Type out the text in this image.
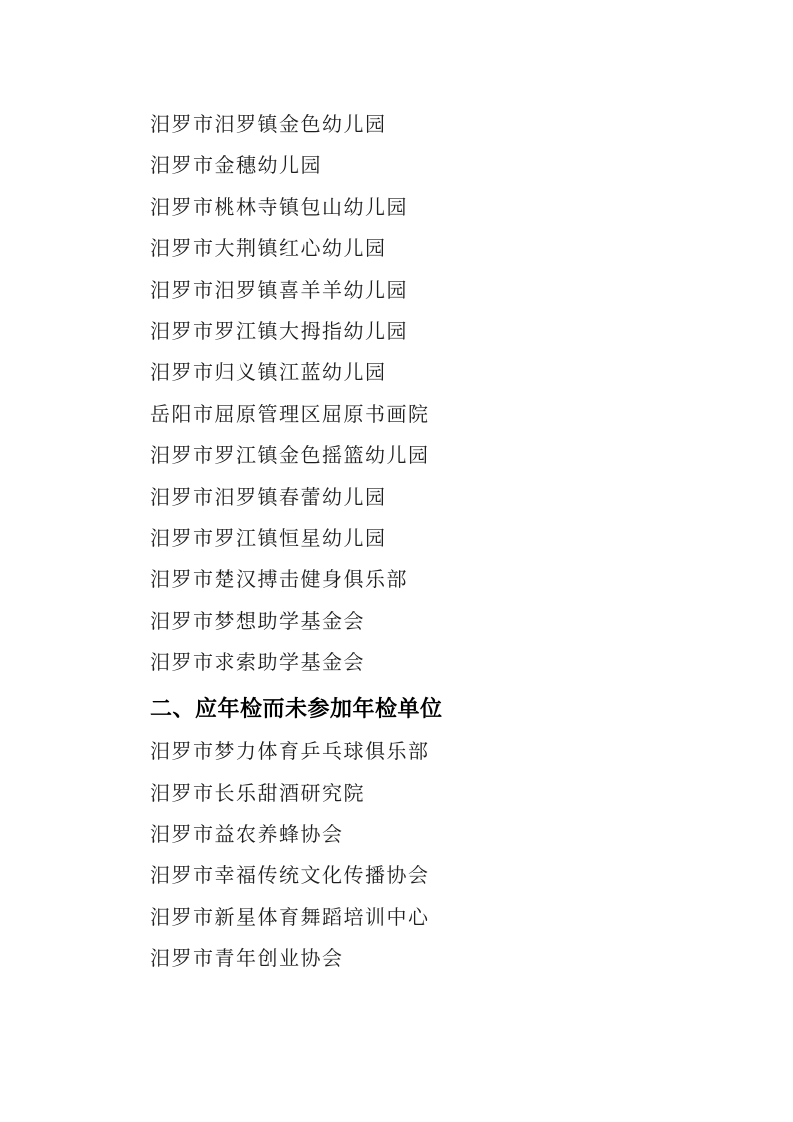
汨罗市汨罗镇金色幼儿园

汨罗市金穗幼儿园

汨罗市桃林寺镇包山幼儿园

汨罗市大荆镇红心幼儿园

汨罗市汨罗镇喜羊羊幼儿园

汨罗市罗江镇大拇指幼儿园

汨罗市归义镇江蓝幼儿园

岳阳市屈原管理区屈原书画院

汨罗市罗江镇金色摇篮幼儿园

汨罗市汨罗镇春蕾幼儿园

汨罗市罗江镇恒星幼儿园

汨罗市楚汉搏击健身俱乐部

汨罗市梦想助学基金会

汨罗市求索助学基金会

二、应年检而未参加年检单位

汨罗市梦力体育乒乓球俱乐部

汨罗市长乐甜酒研究院

汨罗市益农养蜂协会

汨罗市幸福传统文化传播协会

汨罗市新星体育舞蹈培训中心

汨罗市青年创业协会
